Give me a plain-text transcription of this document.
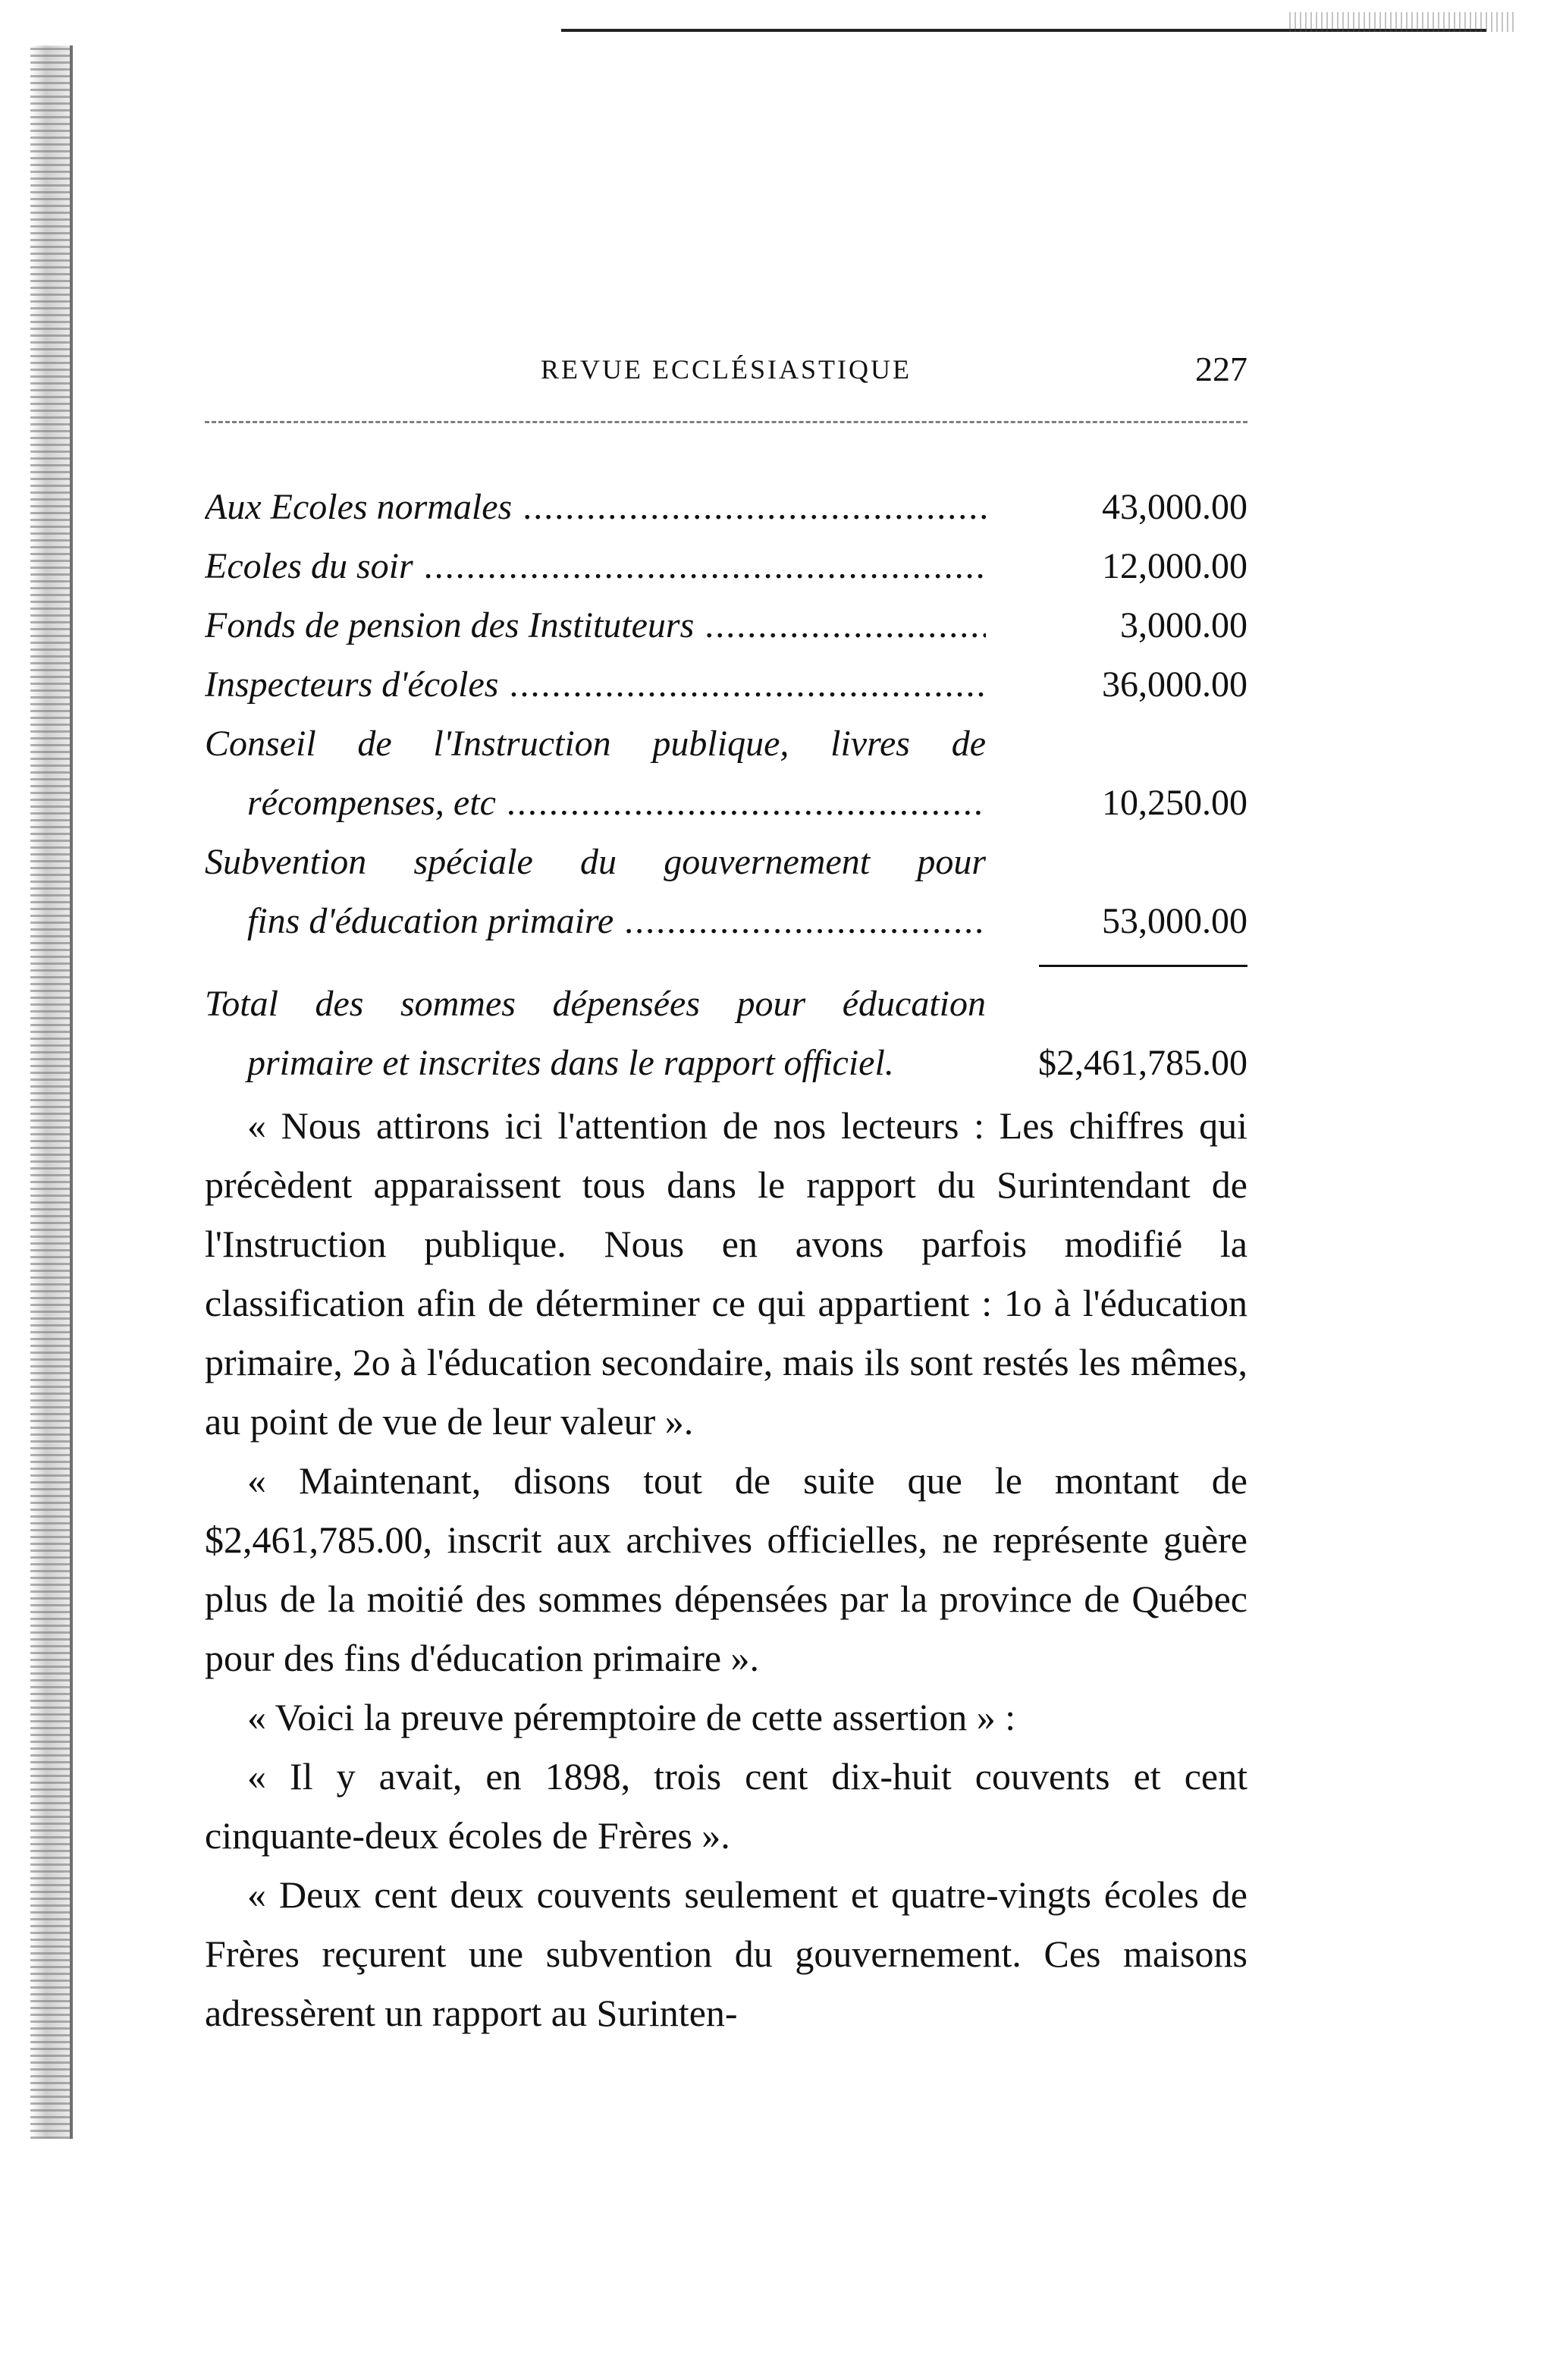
REVUE ECCLÉSIASTIQUE	227
Aux Ecoles normales .....	43,000.00
Ecoles du soir .....	12,000.00
Fonds de pension des Instituteurs .....	3,000.00
Inspecteurs d'écoles .....	36,000.00
Conseil de l'Instruction publique, livres de
récompenses, etc .....	10,250.00
Subvention spéciale du gouvernement pour
fins d'éducation primaire .....	53,000.00
Total des sommes dépensées pour éducation
primaire et inscrites dans le rapport officiel.	$2,461,785.00

« Nous attirons ici l'attention de nos lecteurs : Les chiffres qui précèdent apparaissent tous dans le rapport du Surintendant de l'Instruction publique. Nous en avons parfois modifié la classification afin de déterminer ce qui appartient : 1o à l'éducation primaire, 2o à l'éducation secondaire, mais ils sont restés les mêmes, au point de vue de leur valeur ».

« Maintenant, disons tout de suite que le montant de $2,461,785.00, inscrit aux archives officielles, ne représente guère plus de la moitié des sommes dépensées par la province de Québec pour des fins d'éducation primaire ».

« Voici la preuve péremptoire de cette assertion » :

« Il y avait, en 1898, trois cent dix-huit couvents et cent cinquante-deux écoles de Frères ».

« Deux cent deux couvents seulement et quatre-vingts écoles de Frères reçurent une subvention du gouvernement. Ces maisons adressèrent un rapport au Surinten-
